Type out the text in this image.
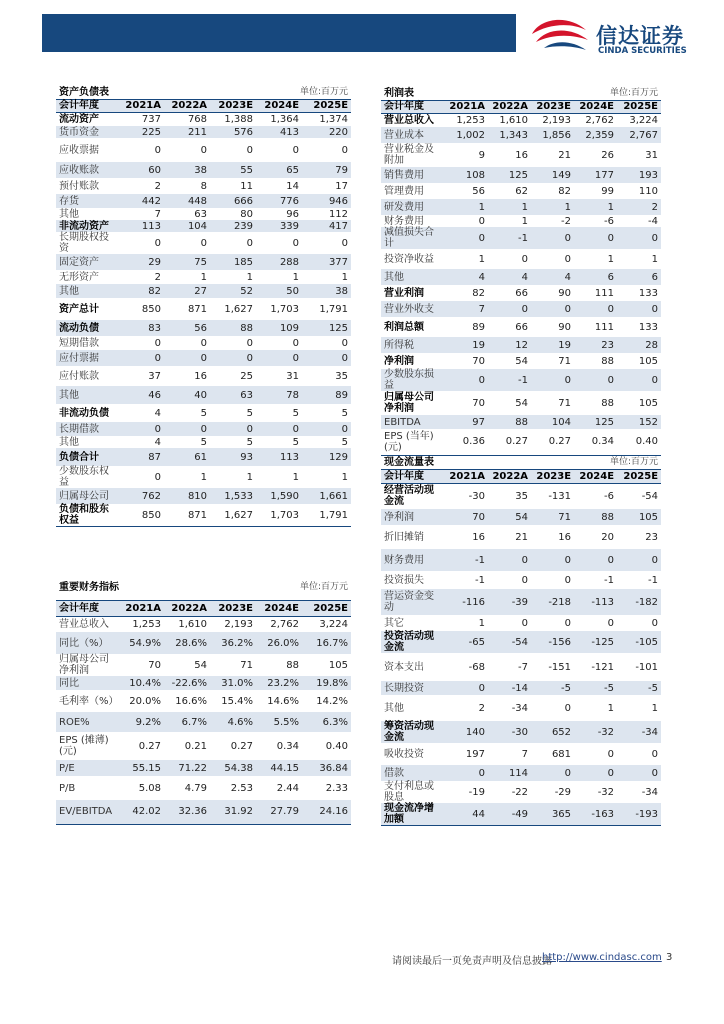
信达证券
CINDA SECURITIES
资产负债表			单位:百万元		
会计年度	2021A	2022A	2023E	2024E	2025E
流动资产	737	768	1,388	1,364	1,374
货币资金	225	211	576	413	220
应收票据	0	0	0	0	0
应收账款	60	38	55	65	79
预付账款	2	8	11	14	17
存货	442	448	666	776	946
其他	7	63	80	96	112
非流动资产	113	104	239	339	417
长期股权投资	0	0	0	0	0
固定资产	29	75	185	288	377
无形资产	2	1	1	1	1
其他	82	27	52	50	38
资产总计	850	871	1,627	1,703	1,791
流动负债	83	56	88	109	125
短期借款	0	0	0	0	0
应付票据	0	0	0	0	0
应付账款	37	16	25	31	35
其他	46	40	63	78	89
非流动负债	4	5	5	5	5
长期借款	0	0	0	0	0
其他	4	5	5	5	5
负债合计	87	61	93	113	129
少数股东权益	0	1	1	1	1
归属母公司	762	810	1,533	1,590	1,661
负债和股东权益	850	871	1,627	1,703	1,791
重要财务指标			单位:百万元		
会计年度	2021A	2022A	2023E	2024E	2025E
营业总收入	1,253	1,610	2,193	2,762	3,224
同比（%）	54.9%	28.6%	36.2%	26.0%	16.7%
归属母公司净利润	70	54	71	88	105
同比	10.4%	-22.6%	31.0%	23.2%	19.8%
毛利率（%）	20.0%	16.6%	15.4%	14.6%	14.2%
ROE%	9.2%	6.7%	4.6%	5.5%	6.3%
EPS (摊薄)(元)	0.27	0.21	0.27	0.34	0.40
P/E	55.15	71.22	54.38	44.15	36.84
P/B	5.08	4.79	2.53	2.44	2.33
EV/EBITDA	42.02	32.36	31.92	27.79	24.16
利润表			单位:百万元		
会计年度	2021A	2022A	2023E	2024E	2025E
营业总收入	1,253	1,610	2,193	2,762	3,224
营业成本	1,002	1,343	1,856	2,359	2,767
营业税金及附加	9	16	21	26	31
销售费用	108	125	149	177	193
管理费用	56	62	82	99	110
研发费用	1	1	1	1	2
财务费用	0	1	-2	-6	-4
减值损失合计	0	-1	0	0	0
投资净收益	1	0	0	1	1
其他	4	4	4	6	6
营业利润	82	66	90	111	133
营业外收支	7	0	0	0	0
利润总额	89	66	90	111	133
所得税	19	12	19	23	28
净利润	70	54	71	88	105
少数股东损益	0	-1	0	0	0
归属母公司净利润	70	54	71	88	105
EBITDA	97	88	104	125	152
EPS (当年)(元)	0.36	0.27	0.27	0.34	0.40
现金流量表			单位:百万元		
会计年度	2021A	2022A	2023E	2024E	2025E
经营活动现金流	-30	35	-131	-6	-54
净利润	70	54	71	88	105
折旧摊销	16	21	16	20	23
财务费用	-1	0	0	0	0
投资损失	-1	0	0	-1	-1
营运资金变动	-116	-39	-218	-113	-182
其它	1	0	0	0	0
投资活动现金流	-65	-54	-156	-125	-105
资本支出	-68	-7	-151	-121	-101
长期投资	0	-14	-5	-5	-5
其他	2	-34	0	1	1
筹资活动现金流	140	-30	652	-32	-34
吸收投资	197	7	681	0	0
借款	0	114	0	0	0
支付利息或股息	-19	-22	-29	-32	-34
现金流净增加额	44	-49	365	-163	-193
请阅读最后一页免责声明及信息披露
http://www.cindasc.com 3
